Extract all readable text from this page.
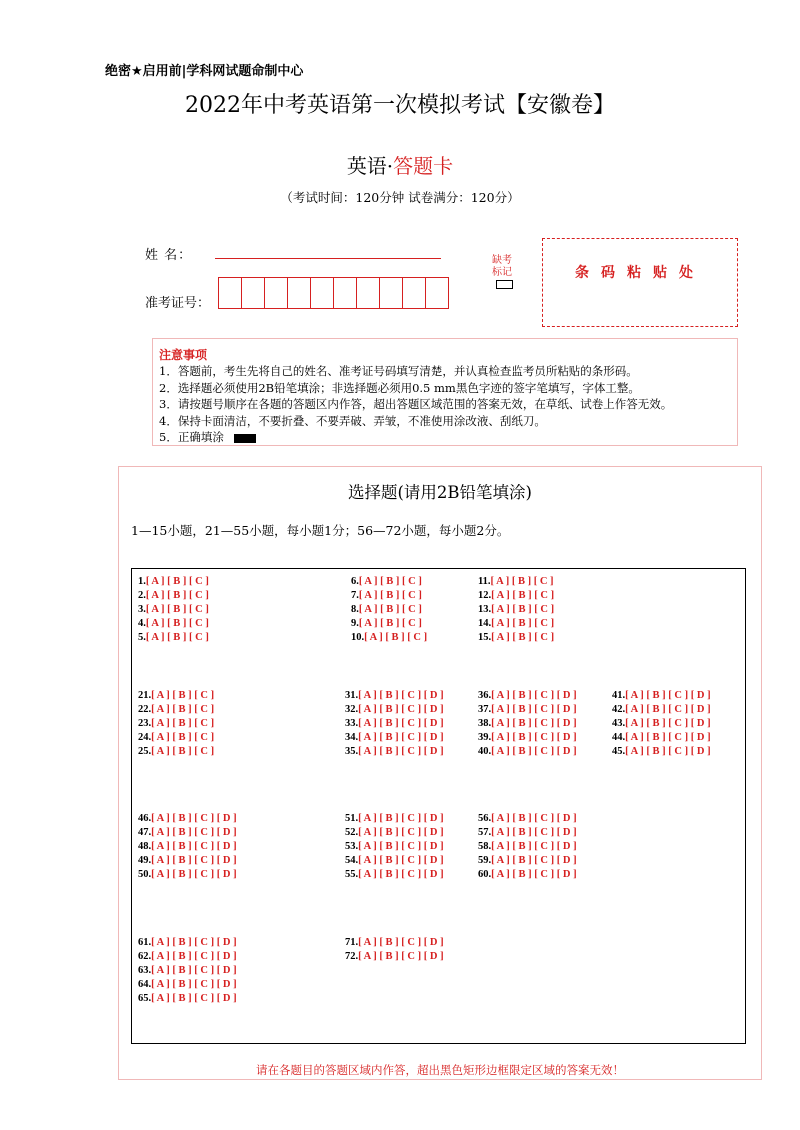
绝密★启用前|学科网试题命制中心
2022年中考英语第一次模拟考试【安徽卷】
英语·答题卡
（考试时间：120分钟 试卷满分：120分）
姓 名：
准考证号：
缺考标记	条码粘贴处
注意事项
1．答题前，考生先将自己的姓名、准考证号码填写清楚，并认真检查监考员所粘贴的条形码。
2．选择题必须使用2B铅笔填涂；非选择题必须用0.5 mm黑色字迹的签字笔填写，字体工整。
3．请按题号顺序在各题的答题区内作答，超出答题区域范围的答案无效，在草纸、试卷上作答无效。
4．保持卡面清洁，不要折叠、不要弄破、弄皱，不准使用涂改液、刮纸刀。
5．正确填涂
选择题(请用2B铅笔填涂)
1—15小题，21—55小题，每小题1分；56—72小题，每小题2分。
1.[ A ] [ B ] [ C ]
2.[ A ] [ B ] [ C ]
3.[ A ] [ B ] [ C ]
4.[ A ] [ B ] [ C ]
5.[ A ] [ B ] [ C ]
6.[ A ] [ B ] [ C ]
7.[ A ] [ B ] [ C ]
8.[ A ] [ B ] [ C ]
9.[ A ] [ B ] [ C ]
10.[ A ] [ B ] [ C ]
11.[ A ] [ B ] [ C ]
12.[ A ] [ B ] [ C ]
13.[ A ] [ B ] [ C ]
14.[ A ] [ B ] [ C ]
15.[ A ] [ B ] [ C ]
21.[ A ] [ B ] [ C ]
22.[ A ] [ B ] [ C ]
23.[ A ] [ B ] [ C ]
24.[ A ] [ B ] [ C ]
25.[ A ] [ B ] [ C ]
31.[ A ] [ B ] [ C ] [ D ]
32.[ A ] [ B ] [ C ] [ D ]
33.[ A ] [ B ] [ C ] [ D ]
34.[ A ] [ B ] [ C ] [ D ]
35.[ A ] [ B ] [ C ] [ D ]
36.[ A ] [ B ] [ C ] [ D ]
37.[ A ] [ B ] [ C ] [ D ]
38.[ A ] [ B ] [ C ] [ D ]
39.[ A ] [ B ] [ C ] [ D ]
40.[ A ] [ B ] [ C ] [ D ]
41.[ A ] [ B ] [ C ] [ D ]
42.[ A ] [ B ] [ C ] [ D ]
43.[ A ] [ B ] [ C ] [ D ]
44.[ A ] [ B ] [ C ] [ D ]
45.[ A ] [ B ] [ C ] [ D ]
46.[ A ] [ B ] [ C ] [ D ]
47.[ A ] [ B ] [ C ] [ D ]
48.[ A ] [ B ] [ C ] [ D ]
49.[ A ] [ B ] [ C ] [ D ]
50.[ A ] [ B ] [ C ] [ D ]
51.[ A ] [ B ] [ C ] [ D ]
52.[ A ] [ B ] [ C ] [ D ]
53.[ A ] [ B ] [ C ] [ D ]
54.[ A ] [ B ] [ C ] [ D ]
55.[ A ] [ B ] [ C ] [ D ]
56.[ A ] [ B ] [ C ] [ D ]
57.[ A ] [ B ] [ C ] [ D ]
58.[ A ] [ B ] [ C ] [ D ]
59.[ A ] [ B ] [ C ] [ D ]
60.[ A ] [ B ] [ C ] [ D ]
61.[ A ] [ B ] [ C ] [ D ]
62.[ A ] [ B ] [ C ] [ D ]
63.[ A ] [ B ] [ C ] [ D ]
64.[ A ] [ B ] [ C ] [ D ]
65.[ A ] [ B ] [ C ] [ D ]
71.[ A ] [ B ] [ C ] [ D ]
72.[ A ] [ B ] [ C ] [ D ]
请在各题目的答题区域内作答，超出黑色矩形边框限定区域的答案无效！
